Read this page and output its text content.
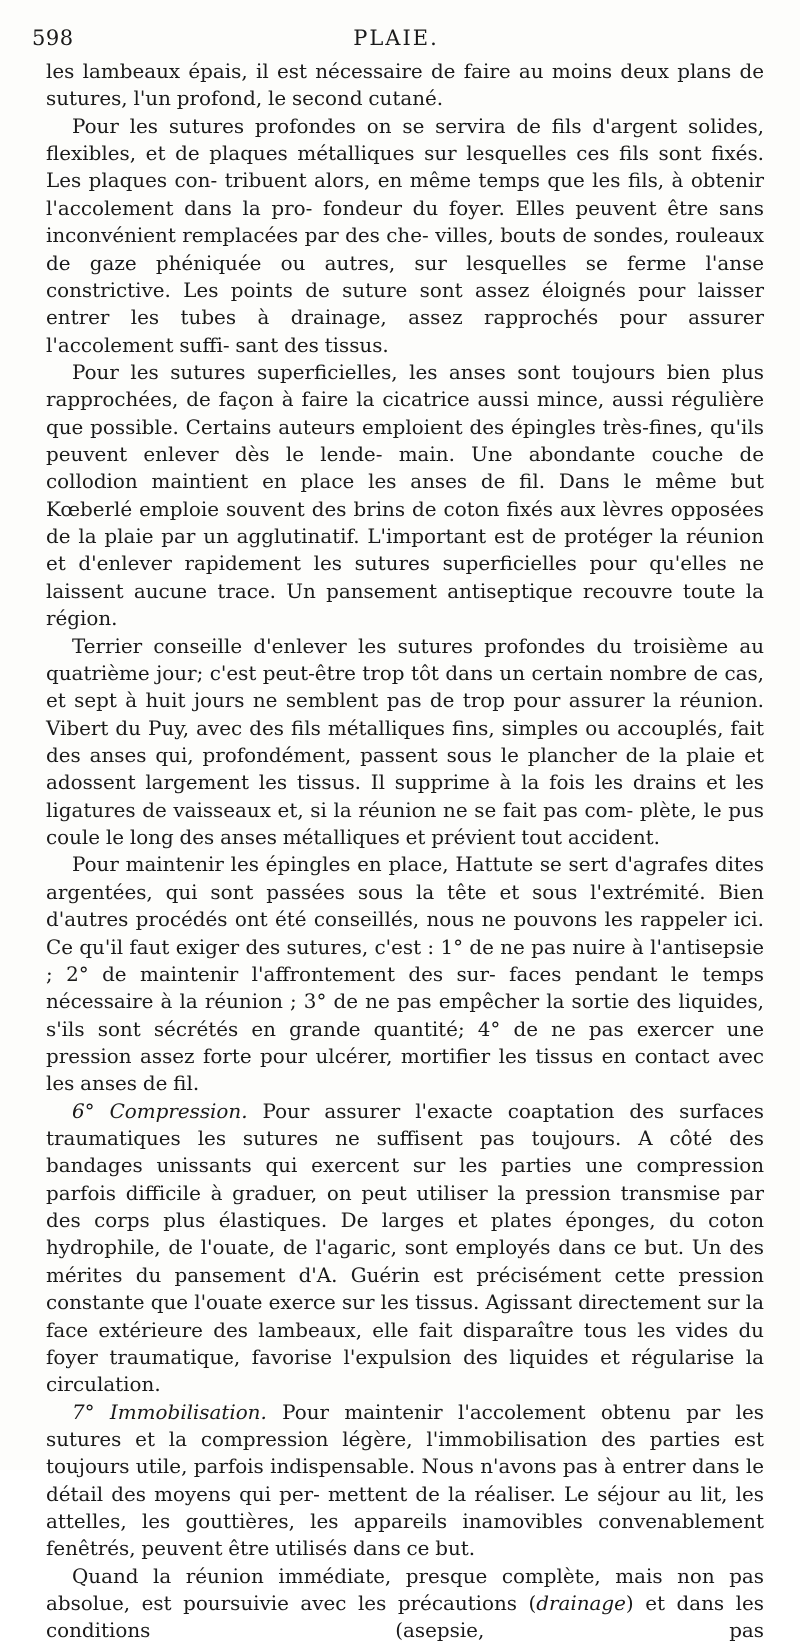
598	PLAIE.

les lambeaux épais, il est nécessaire de faire au moins deux plans de sutures, l'un profond, le second cutané.

Pour les sutures profondes on se servira de fils d'argent solides, flexibles, et de plaques métalliques sur lesquelles ces fils sont fixés. Les plaques con- tribuent alors, en même temps que les fils, à obtenir l'accolement dans la pro- fondeur du foyer. Elles peuvent être sans inconvénient remplacées par des che- villes, bouts de sondes, rouleaux de gaze phéniquée ou autres, sur lesquelles se ferme l'anse constrictive. Les points de suture sont assez éloignés pour laisser entrer les tubes à drainage, assez rapprochés pour assurer l'accolement suffi- sant des tissus.

Pour les sutures superficielles, les anses sont toujours bien plus rapprochées, de façon à faire la cicatrice aussi mince, aussi régulière que possible. Certains auteurs emploient des épingles très-fines, qu'ils peuvent enlever dès le lende- main. Une abondante couche de collodion maintient en place les anses de fil. Dans le même but Kœberlé emploie souvent des brins de coton fixés aux lèvres opposées de la plaie par un agglutinatif. L'important est de protéger la réunion et d'enlever rapidement les sutures superficielles pour qu'elles ne laissent aucune trace. Un pansement antiseptique recouvre toute la région.

Terrier conseille d'enlever les sutures profondes du troisième au quatrième jour; c'est peut-être trop tôt dans un certain nombre de cas, et sept à huit jours ne semblent pas de trop pour assurer la réunion. Vibert du Puy, avec des fils métalliques fins, simples ou accouplés, fait des anses qui, profondément, passent sous le plancher de la plaie et adossent largement les tissus. Il supprime à la fois les drains et les ligatures de vaisseaux et, si la réunion ne se fait pas com- plète, le pus coule le long des anses métalliques et prévient tout accident.

Pour maintenir les épingles en place, Hattute se sert d'agrafes dites argentées, qui sont passées sous la tête et sous l'extrémité. Bien d'autres procédés ont été conseillés, nous ne pouvons les rappeler ici. Ce qu'il faut exiger des sutures, c'est : 1° de ne pas nuire à l'antisepsie ; 2° de maintenir l'affrontement des sur- faces pendant le temps nécessaire à la réunion ; 3° de ne pas empêcher la sortie des liquides, s'ils sont sécrétés en grande quantité; 4° de ne pas exercer une pression assez forte pour ulcérer, mortifier les tissus en contact avec les anses de fil.

6° Compression. Pour assurer l'exacte coaptation des surfaces traumatiques les sutures ne suffisent pas toujours. A côté des bandages unissants qui exercent sur les parties une compression parfois difficile à graduer, on peut utiliser la pression transmise par des corps plus élastiques. De larges et plates éponges, du coton hydrophile, de l'ouate, de l'agaric, sont employés dans ce but. Un des mérites du pansement d'A. Guérin est précisément cette pression constante que l'ouate exerce sur les tissus. Agissant directement sur la face extérieure des lambeaux, elle fait disparaître tous les vides du foyer traumatique, favorise l'expulsion des liquides et régularise la circulation.

7° Immobilisation. Pour maintenir l'accolement obtenu par les sutures et la compression légère, l'immobilisation des parties est toujours utile, parfois indispensable. Nous n'avons pas à entrer dans le détail des moyens qui per- mettent de la réaliser. Le séjour au lit, les attelles, les gouttières, les appareils inamovibles convenablement fenêtrés, peuvent être utilisés dans ce but.

Quand la réunion immédiate, presque complète, mais non pas absolue, est poursuivie avec les précautions (drainage) et dans les conditions (asepsie, pas
